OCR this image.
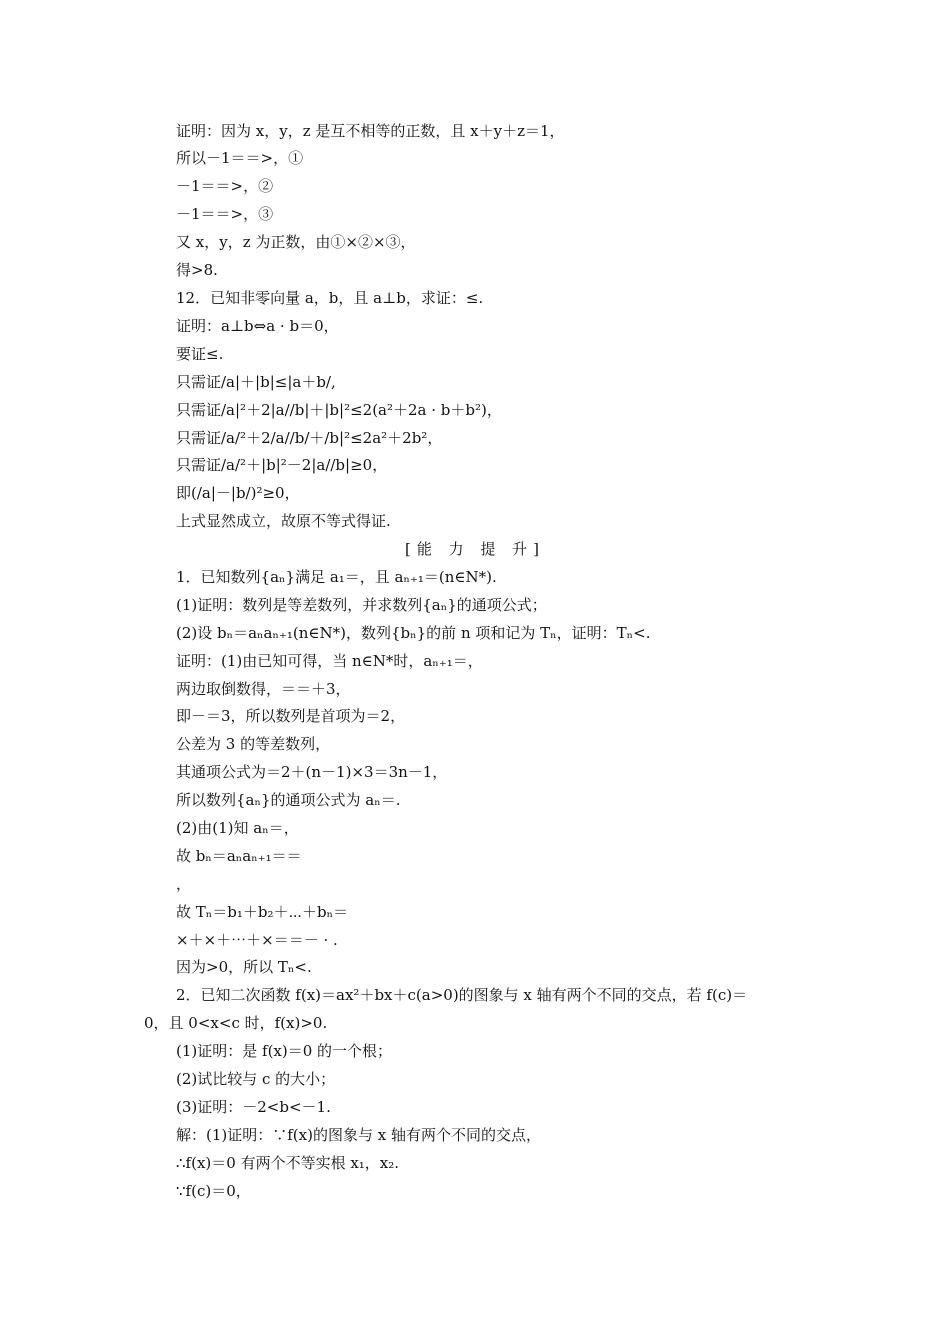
证明：因为 x，y，z 是互不相等的正数，且 x＋y＋z＝1，
所以－1＝＝>，①
－1＝＝>，②
－1＝＝>，③
又 x，y，z 为正数，由①×②×③，
得>8.
12．已知非零向量 a，b，且 a⊥b，求证：≤.
证明：a⊥b⇔a · b＝0，
要证≤.
只需证/a|＋|b|≤|a＋b/,
只需证/a|²＋2|a//b|＋|b|²≤2(a²＋2a · b＋b²)，
只需证/a/²＋2/a//b/＋/b|²≤2a²＋2b²，
只需证/a/²＋|b|²－2|a//b|≥0，
即(/a|－|b/)²≥0，
上式显然成立，故原不等式得证.
[能 力 提 升]
1．已知数列{aₙ}满足 a₁＝，且 aₙ₊₁＝(n∈N*).
(1)证明：数列是等差数列，并求数列{aₙ}的通项公式；
(2)设 bₙ＝aₙaₙ₊₁(n∈N*)，数列{bₙ}的前 n 项和记为 Tₙ，证明：Tₙ<.
证明：(1)由已知可得，当 n∈N*时，aₙ₊₁＝，
两边取倒数得，＝＝＋3，
即－＝3，所以数列是首项为＝2，
公差为 3 的等差数列，
其通项公式为＝2＋(n－1)×3＝3n－1，
所以数列{aₙ}的通项公式为 aₙ＝.
(2)由(1)知 aₙ＝，
故 bₙ＝aₙaₙ₊₁＝＝
，
故 Tₙ＝b₁＋b₂＋⋯＋bₙ＝
×＋×＋⋯＋×＝＝－ · .
因为>0，所以 Tₙ<.
2．已知二次函数 f(x)＝ax²＋bx＋c(a>0)的图象与 x 轴有两个不同的交点，若 f(c)＝
0，且 0<x<c 时，f(x)>0.
(1)证明：是 f(x)＝0 的一个根；
(2)试比较与 c 的大小；
(3)证明：－2<b<－1.
解：(1)证明：∵f(x)的图象与 x 轴有两个不同的交点，
∴f(x)＝0 有两个不等实根 x₁，x₂.
∵f(c)＝0，
